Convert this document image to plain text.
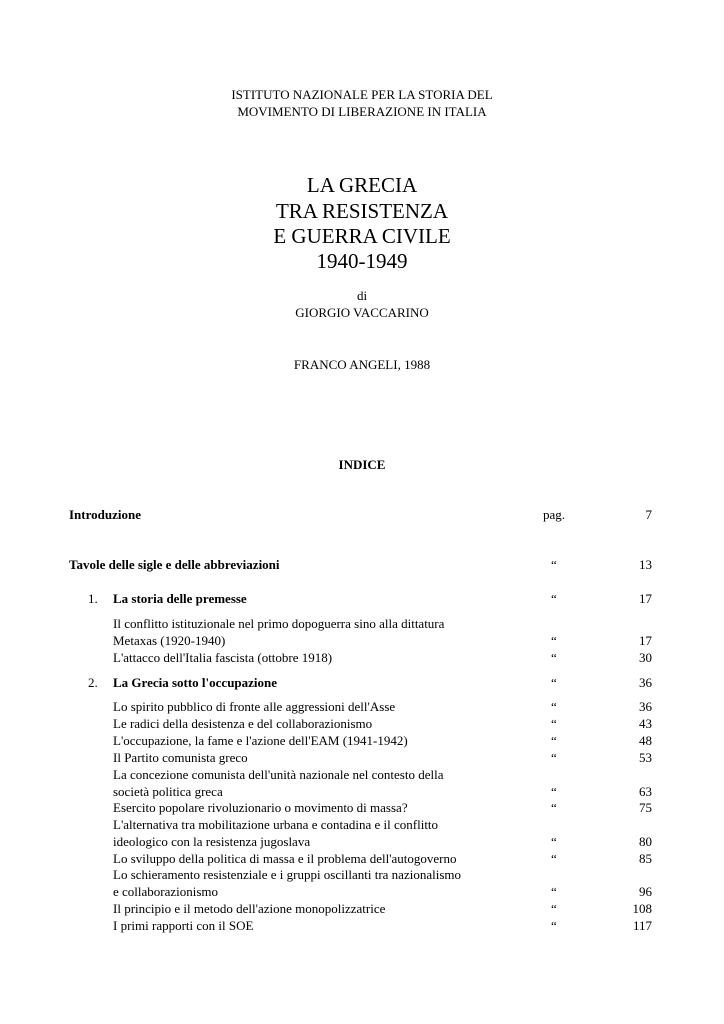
ISTITUTO NAZIONALE PER LA STORIA DEL
MOVIMENTO DI LIBERAZIONE IN ITALIA
LA GRECIA
TRA RESISTENZA
E GUERRA CIVILE
1940-1949
di
GIORGIO VACCARINO
FRANCO ANGELI, 1988
INDICE
Introduzione	pag.	7
Tavole delle sigle e delle abbreviazioni	“	13
1. La storia delle premesse	“	17
Il conflitto istituzionale nel primo dopoguerra sino alla dittatura
Metaxas (1920-1940)	“	17
L'attacco dell'Italia fascista (ottobre 1918)	“	30
2. La Grecia sotto l'occupazione	“	36
Lo spirito pubblico di fronte alle aggressioni dell'Asse	“	36
Le radici della desistenza e del collaborazionismo	“	43
L'occupazione, la fame e l'azione dell'EAM (1941-1942)	“	48
Il Partito comunista greco	“	53
La concezione comunista dell'unità nazionale nel contesto della
società politica greca	“	63
Esercito popolare rivoluzionario o movimento di massa?	“	75
L'alternativa tra mobilitazione urbana e contadina e il conflitto
ideologico con la resistenza jugoslava	“	80
Lo sviluppo della politica di massa e il problema dell'autogoverno	“	85
Lo schieramento resistenziale e i gruppi oscillanti tra nazionalismo
e collaborazionismo	“	96
Il principio e il metodo dell'azione monopolizzatrice	“	108
I primi rapporti con il SOE	“	117
